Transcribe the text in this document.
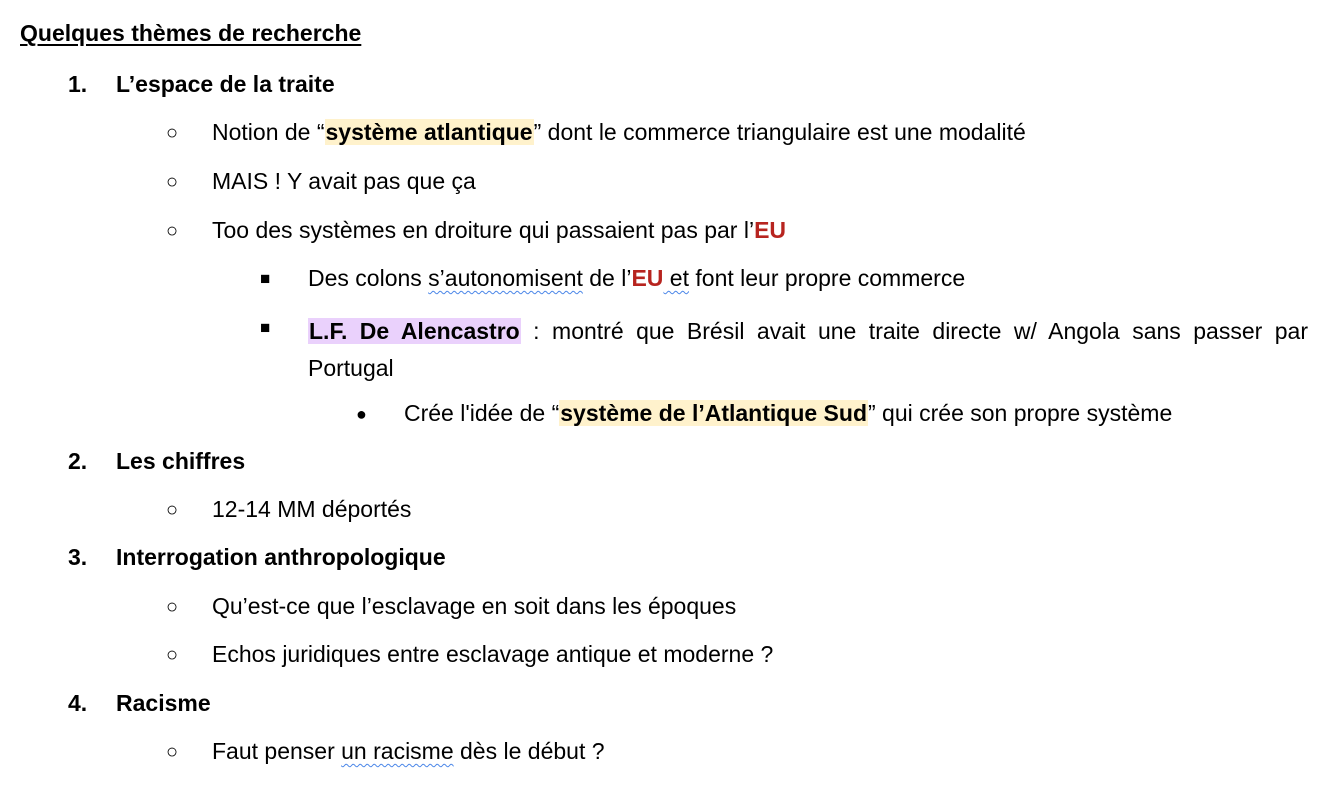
Quelques thèmes de recherche
1. L’espace de la traite
○ Notion de “système atlantique” dont le commerce triangulaire est une modalité
○ MAIS ! Y avait pas que ça
○ Too des systèmes en droiture qui passaient pas par l’EU
■ Des colons s’autonomisent de l’EU et font leur propre commerce
■ L.F. De Alencastro : montré que Brésil avait une traite directe w/ Angola sans passer par Portugal
● Crée l'idée de “système de l’Atlantique Sud” qui crée son propre système
2. Les chiffres
○ 12-14 MM déportés
3. Interrogation anthropologique
○ Qu’est-ce que l’esclavage en soit dans les époques
○ Echos juridiques entre esclavage antique et moderne ?
4. Racisme
○ Faut penser un racisme dès le début ?
